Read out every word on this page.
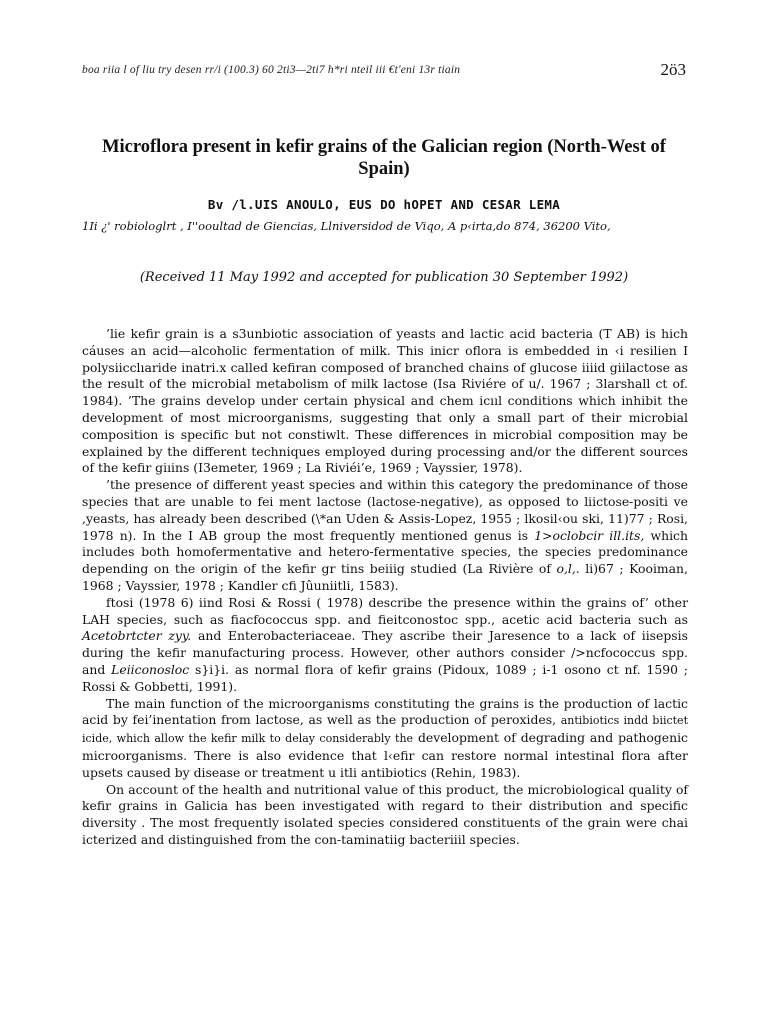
boa riia l of liu try desen rr/i (100.3) 60 2ti3—2ti7 h*ri nteil iii €t'eni 13r tiain	2ö3
Microflora present in kefir grains of the Galician region (North-West of Spain)
Bv /l.UIS ANOULO, EUS DO hOPET AND CESAR LEMA
1Ii ¿' robiologlrt , I''ooultad de Giencias, Llniversidod de Viqo, A p‹irta,do 874, 36200 Vito,
(Received 11 May 1992 and accepted for publication 30 September 1992)

’lie kefir grain is a s3unbiotic association of yeasts and lactic acid bacteria (T AB) is hich cáuses an acid—alcoholic fermentation of milk. This inicr oflora is embedded in ‹i resilien I polysiicclıaride inatri.x called kefiran composed of branched chains of glucose iiiid giilactose as the result of the microbial metabolism of milk lactose (Isa Riviére of u/. 1967 ; 3larshall ct of. 1984). ’The grains develop under certain physical and chem icııl conditions which inhibit the development of most microorganisms, suggesting that only a small part of their microbial composition is specific but not constiwlt. These differences in microbial composition may be explained by the different techniques employed during processing and/or the different sources of the kefir giıins (I3emeter, 1969 ; La Riviéi’e, 1969 ; Vayssier, 1978).

’the presence of different yeast species and within this category the predominance of those species that are unable to fei ment lactose (lactose-negative), as opposed to liictose-positi ve ,yeasts, has already been described (\*an Uden & Assis-Lopez, 1955 ; lkosil‹ou ski, 11)77 ; Rosi, 1978 n). In the I AB group the most frequently mentioned genus is 1>oclobcir ill.its, which includes both homofermentative and hetero-fermentative species, the species predominance depending on the origin of the kefir gr tins beiiig studied (La Rivière of o,l,. li)67 ; Kooiman, 1968 ; Vayssier, 1978 ; Kandler cfi Jûuniitli, 1583).

ftosi (1978 6) iind Rosi & Rossi ( 1978) describe the presence within the grains of’ other LAH species, such as fiacfococcus spp. and fieitconostoc spp., acetic acid bacteria such as Acetobrtcter zyy. and Enterobacteriaceae. They ascribe their Jaresence to a lack of iisepsis during the kefir manufacturing process. However, other authors consider />ncfococcus spp. and Leiiconosloc s}i}i. as normal flora of kefir grains (Pidoux, 1089 ; i-1 osono ct nf. 1590 ; Rossi & Gobbetti, 1991).

The main function of the microorganisms constituting the grains is the production of lactic acid by fei’inentation from lactose, as well as the production of peroxides, antibiotics indd biictet icide, which allow the kefir milk to delay considerably the development of degrading and pathogenic microorganisms. There is also evidence that l‹efir can restore normal intestinal flora after upsets caused by disease or treatment u itli antibiotics (Rehin, 1983).

On account of the health and nutritional value of this product, the microbiological quality of kefir grains in Galicia has been investigated with regard to their distribution and specific diversity . The most frequently isolated species considered constituents of the grain were chai icterized and distinguished from the con-taminatiig bacteriiil species.
